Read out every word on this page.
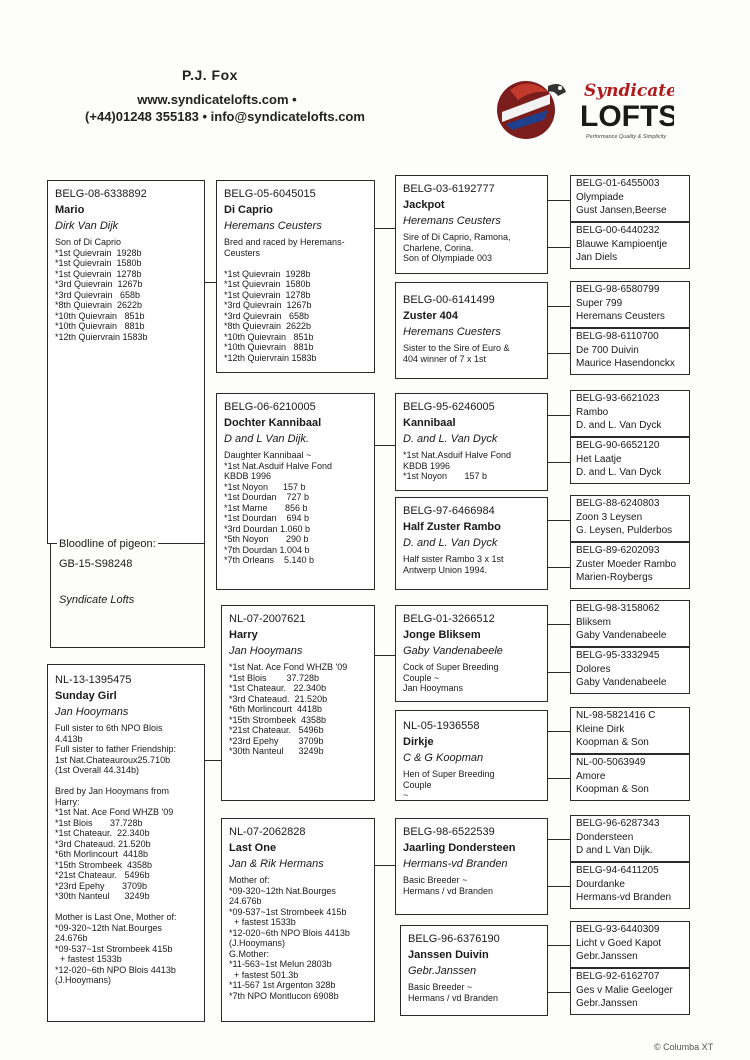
P.J. Fox
www.syndicatelofts.com •
(+44)01248 355183 • info@syndicatelofts.com
Syndicate
LOFTS
Performance Quality & Simplicity
BELG-08-6338892
Mario
Dirk Van Dijk
Son of Di Caprio
*1st Quievrain  1928b
*1st Quievrain  1580b
*1st Quievrain  1278b
*3rd Quievrain  1267b
*3rd Quievrain   658b
*8th Quievrain  2622b
*10th Quievrain   851b
*10th Quievrain   881b
*12th Quiervrain 1583b
Bloodline of pigeon:
GB-15-S98248
Syndicate Lofts
NL-13-1395475
Sunday Girl
Jan Hooymans
Full sister to 6th NPO Blois
4.413b
Full sister to father Friendship:
1st Nat.Chateauroux25.710b
(1st Overall 44.314b)

Bred by Jan Hooymans from
Harry:
*1st Nat. Ace Fond WHZB '09
*1st Blois       37.728b
*1st Chateaur.  22.340b
*3rd Chateaud. 21.520b
*6th Morlincourt  4418b
*15th Strombeek  4358b
*21st Chateaur.   5496b
*23rd Epehy       3709b
*30th Nanteul      3249b

Mother is Last One, Mother of:
*09-320~12th Nat.Bourges
24.676b
*09-537~1st Strombeek 415b
+ fastest 1533b
*12-020~6th NPO Blois 4413b
(J.Hooymans)
BELG-05-6045015
Di Caprio
Heremans Ceusters
Bred and raced by Heremans-
Ceusters

*1st Quievrain  1928b
*1st Quievrain  1580b
*1st Quievrain  1278b
*3rd Quievrain  1267b
*3rd Quievrain   658b
*8th Quievrain  2622b
*10th Quievrain   851b
*10th Quievrain   881b
*12th Quiervrain 1583b
BELG-06-6210005
Dochter Kannibaal
D and L Van Dijk.
Daughter Kannibaal ~
*1st Nat.Asduif Halve Fond
KBDB 1996
*1st Noyon      157 b
*1st Dourdan    727 b
*1st Marne       856 b
*1st Dourdan    694 b
*3rd Dourdan 1.060 b
*5th Noyon       290 b
*7th Dourdan 1.004 b
*7th Orleans    5.140 b
NL-07-2007621
Harry
Jan Hooymans
*1st Nat. Ace Fond WHZB '09
*1st Blois        37.728b
*1st Chateaur.   22.340b
*3rd Chateaud.  21.520b
*6th Morlincourt  4418b
*15th Strombeek  4358b
*21st Chateaur.   5496b
*23rd Epehy        3709b
*30th Nanteul      3249b
NL-07-2062828
Last One
Jan & Rik Hermans
Mother of:
*09-320~12th Nat.Bourges
24.676b
*09-537~1st Strombeek 415b
+ fastest 1533b
*12-020~6th NPO Blois 4413b
(J.Hooymans)
G.Mother:
*11-563~1st Melun 2803b
+ fastest 501.3b
*11-567 1st Argenton 328b
*7th NPO Montlucon 6908b
BELG-03-6192777
Jackpot
Heremans Ceusters
Sire of Di Caprio, Ramona,
Charlene, Corina.
Son of Olympiade 003
BELG-00-6141499
Zuster 404
Heremans Cuesters
Sister to the Sire of Euro &
404 winner of 7 x 1st
BELG-95-6246005
Kannibaal
D. and L. Van Dyck
*1st Nat.Asduif Halve Fond
KBDB 1996
*1st Noyon       157 b
BELG-97-6466984
Half Zuster Rambo
D. and L. Van Dyck
Half sister Rambo 3 x 1st
Antwerp Union 1994.
BELG-01-3266512
Jonge Bliksem
Gaby Vandenabeele
Cock of Super Breeding
Couple ~
Jan Hooymans
NL-05-1936558
Dirkje
C & G Koopman
Hen of Super Breeding
Couple
~
BELG-98-6522539
Jaarling Dondersteen
Hermans-vd Branden
Basic Breeder ~
Hermans / vd Branden
BELG-96-6376190
Janssen Duivin
Gebr.Janssen
Basic Breeder ~
Hermans / vd Branden
BELG-01-6455003
Olympiade
Gust Jansen,Beerse
BELG-00-6440232
Blauwe Kampioentje
Jan Diels
BELG-98-6580799
Super 799
Heremans Ceusters
BELG-98-6110700
De 700 Duivin
Maurice Hasendonckx
BELG-93-6621023
Rambo
D. and L. Van Dyck
BELG-90-6652120
Het Laatje
D. and L. Van Dyck
BELG-88-6240803
Zoon 3 Leysen
G. Leysen, Pulderbos
BELG-89-6202093
Zuster Moeder Rambo
Marien-Roybergs
BELG-98-3158062
Bliksem
Gaby Vandenabeele
BELG-95-3332945
Dolores
Gaby Vandenabeele
NL-98-5821416 C
Kleine Dirk
Koopman & Son
NL-00-5063949
Amore
Koopman & Son
BELG-96-6287343
Dondersteen
D and L Van Dijk.
BELG-94-6411205
Dourdanke
Hermans-vd Branden
BELG-93-6440309
Licht v Goed Kapot
Gebr.Janssen
BELG-92-6162707
Ges v Malie Geeloger
Gebr.Janssen
© Columba XT
